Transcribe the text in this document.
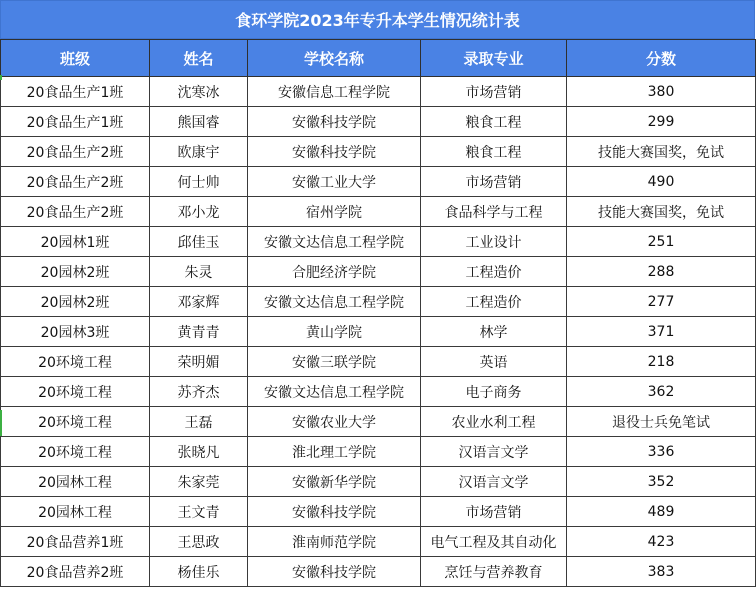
食环学院2023年专升本学生情况统计表
班级	姓名	学校名称	录取专业	分数
20食品生产1班	沈寒冰	安徽信息工程学院	市场营销	380
20食品生产1班	熊国睿	安徽科技学院	粮食工程	299
20食品生产2班	欧康宇	安徽科技学院	粮食工程	技能大赛国奖，免试
20食品生产2班	何士帅	安徽工业大学	市场营销	490
20食品生产2班	邓小龙	宿州学院	食品科学与工程	技能大赛国奖，免试
20园林1班	邱佳玉	安徽文达信息工程学院	工业设计	251
20园林2班	朱灵	合肥经济学院	工程造价	288
20园林2班	邓家辉	安徽文达信息工程学院	工程造价	277
20园林3班	黄青青	黄山学院	林学	371
20环境工程	荣明媚	安徽三联学院	英语	218
20环境工程	苏齐杰	安徽文达信息工程学院	电子商务	362
20环境工程	王磊	安徽农业大学	农业水利工程	退役士兵免笔试
20环境工程	张晓凡	淮北理工学院	汉语言文学	336
20园林工程	朱家莞	安徽新华学院	汉语言文学	352
20园林工程	王文青	安徽科技学院	市场营销	489
20食品营养1班	王思政	淮南师范学院	电气工程及其自动化	423
20食品营养2班	杨佳乐	安徽科技学院	烹饪与营养教育	383
